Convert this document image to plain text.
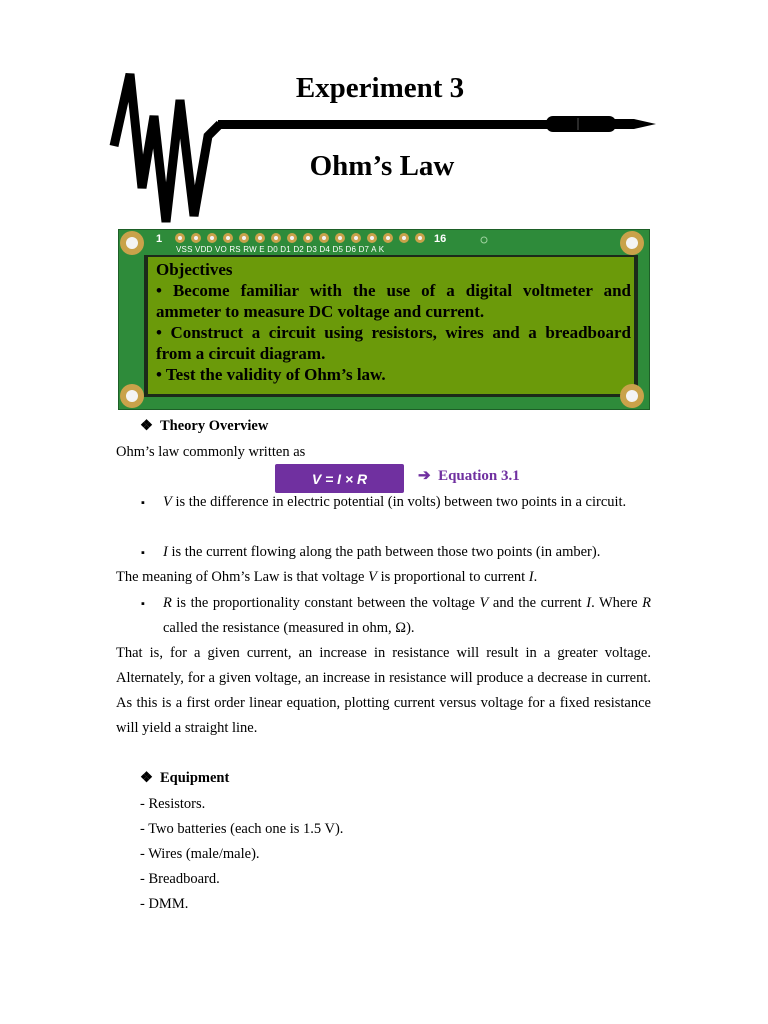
Experiment 3
Ohm’s Law
1	16
VSS VDD VO RS RW E D0 D1 D2 D3 D4 D5 D6 D7 A K
Objectives
• Become familiar with the use of a digital voltmeter and ammeter to measure DC voltage and current.
• Construct a circuit using resistors, wires and a breadboard from a circuit diagram.
• Test the validity of Ohm’s law.
❖ Theory Overview
Ohm’s law commonly written as
V = I × R	➔ Equation 3.1
▪ V is the difference in electric potential (in volts) between two points in a circuit.
▪ I is the current flowing along the path between those two points (in amber).
The meaning of Ohm’s Law is that voltage V is proportional to current I.
▪ R is the proportionality constant between the voltage V and the current I. Where R called the resistance (measured in ohm, Ω).
That is, for a given current, an increase in resistance will result in a greater voltage. Alternately, for a given voltage, an increase in resistance will produce a decrease in current. As this is a first order linear equation, plotting current versus voltage for a fixed resistance will yield a straight line.
❖ Equipment
- Resistors.
- Two batteries (each one is 1.5 V).
- Wires (male/male).
- Breadboard.
- DMM.
